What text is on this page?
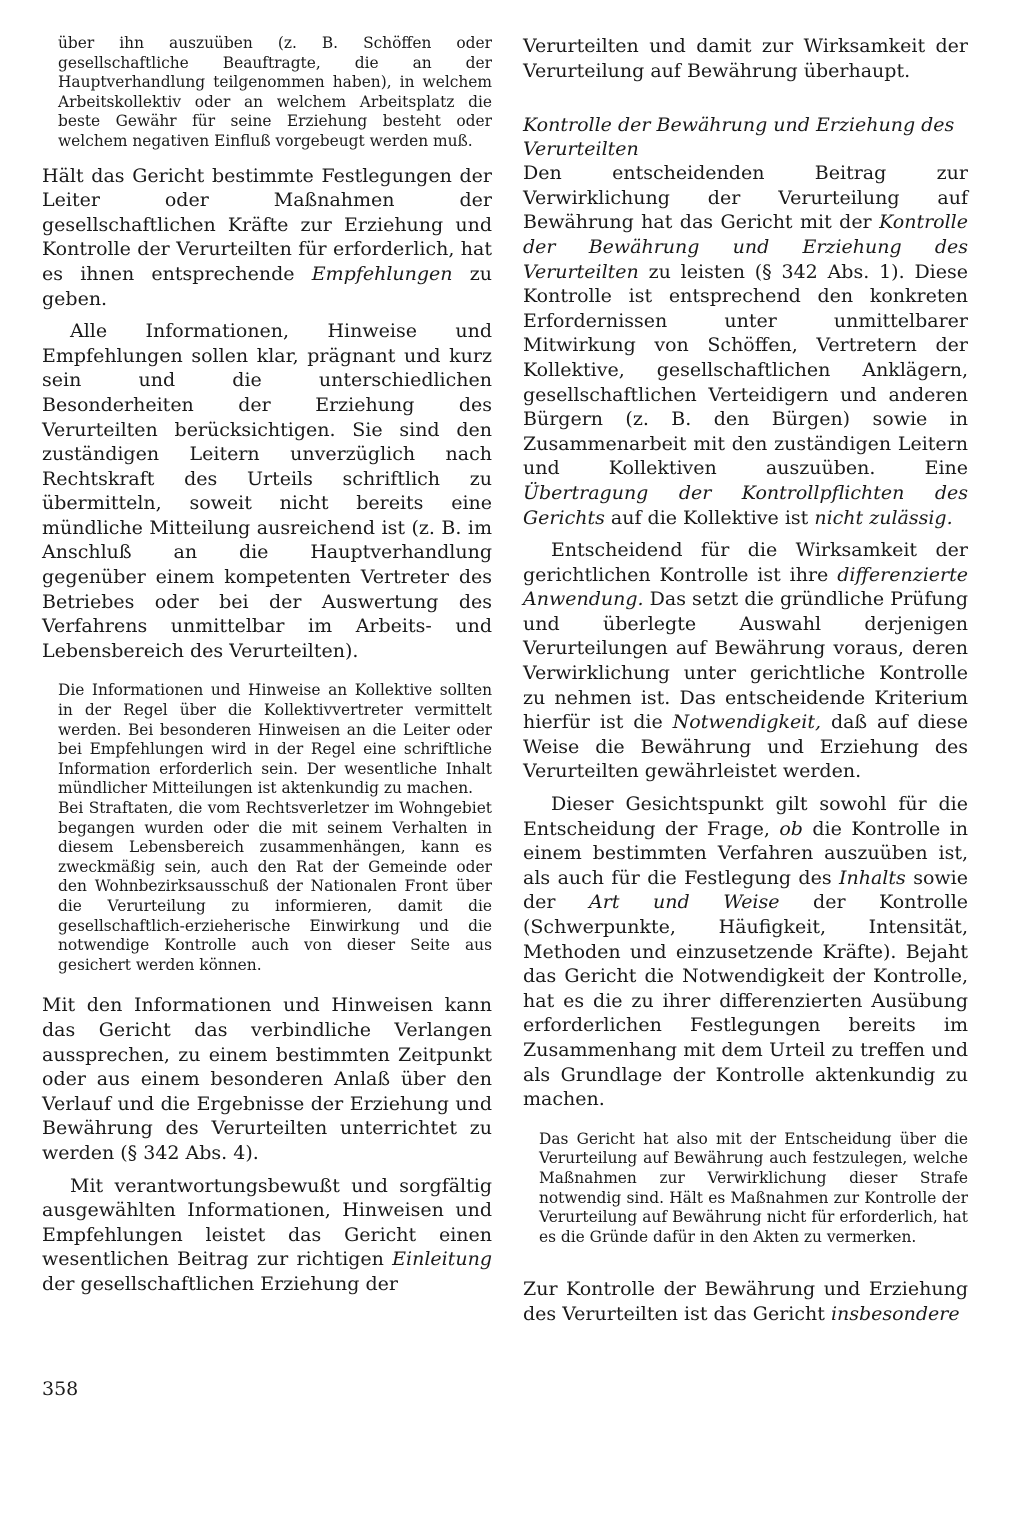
über ihn auszuüben (z. B. Schöffen oder gesellschaftliche Beauftragte, die an der Hauptverhandlung teilgenommen haben), in welchem Arbeitskollektiv oder an welchem Arbeitsplatz die beste Gewähr für seine Erziehung besteht oder welchem negativen Einfluß vorgebeugt werden muß.

Hält das Gericht bestimmte Festlegungen der Leiter oder Maßnahmen der gesellschaftlichen Kräfte zur Erziehung und Kontrolle der Verurteilten für erforderlich, hat es ihnen entsprechende Empfehlungen zu geben.

Alle Informationen, Hinweise und Empfehlungen sollen klar, prägnant und kurz sein und die unterschiedlichen Besonderheiten der Erziehung des Verurteilten berücksichtigen. Sie sind den zuständigen Leitern unverzüglich nach Rechtskraft des Urteils schriftlich zu übermitteln, soweit nicht bereits eine mündliche Mitteilung ausreichend ist (z. B. im Anschluß an die Hauptverhandlung gegenüber einem kompetenten Vertreter des Betriebes oder bei der Auswertung des Verfahrens unmittelbar im Arbeits- und Lebensbereich des Verurteilten).

Die Informationen und Hinweise an Kollektive sollten in der Regel über die Kollektivvertreter vermittelt werden. Bei besonderen Hinweisen an die Leiter oder bei Empfehlungen wird in der Regel eine schriftliche Information erforderlich sein. Der wesentliche Inhalt mündlicher Mitteilungen ist aktenkundig zu machen.

Bei Straftaten, die vom Rechtsverletzer im Wohngebiet begangen wurden oder die mit seinem Verhalten in diesem Lebensbereich zusammenhängen, kann es zweckmäßig sein, auch den Rat der Gemeinde oder den Wohnbezirksausschuß der Nationalen Front über die Verurteilung zu informieren, damit die gesellschaftlich-erzieherische Einwirkung und die notwendige Kontrolle auch von dieser Seite aus gesichert werden können.

Mit den Informationen und Hinweisen kann das Gericht das verbindliche Verlangen aussprechen, zu einem bestimmten Zeitpunkt oder aus einem besonderen Anlaß über den Verlauf und die Ergebnisse der Erziehung und Bewährung des Verurteilten unterrichtet zu werden (§ 342 Abs. 4).

Mit verantwortungsbewußt und sorgfältig ausgewählten Informationen, Hinweisen und Empfehlungen leistet das Gericht einen wesentlichen Beitrag zur richtigen Einleitung der gesellschaftlichen Erziehung der

Verurteilten und damit zur Wirksamkeit der Verurteilung auf Bewährung überhaupt.

Kontrolle der Bewährung und Erziehung des Verurteilten

Den entscheidenden Beitrag zur Verwirklichung der Verurteilung auf Bewährung hat das Gericht mit der Kontrolle der Bewährung und Erziehung des Verurteilten zu leisten (§ 342 Abs. 1). Diese Kontrolle ist entsprechend den konkreten Erfordernissen unter unmittelbarer Mitwirkung von Schöffen, Vertretern der Kollektive, gesellschaftlichen Anklägern, gesellschaftlichen Verteidigern und anderen Bürgern (z. B. den Bürgen) sowie in Zusammenarbeit mit den zuständigen Leitern und Kollektiven auszuüben. Eine Übertragung der Kontrollpflichten des Gerichts auf die Kollektive ist nicht zulässig.

Entscheidend für die Wirksamkeit der gerichtlichen Kontrolle ist ihre differenzierte Anwendung. Das setzt die gründliche Prüfung und überlegte Auswahl derjenigen Verurteilungen auf Bewährung voraus, deren Verwirklichung unter gerichtliche Kontrolle zu nehmen ist. Das entscheidende Kriterium hierfür ist die Notwendigkeit, daß auf diese Weise die Bewährung und Erziehung des Verurteilten gewährleistet werden.

Dieser Gesichtspunkt gilt sowohl für die Entscheidung der Frage, ob die Kontrolle in einem bestimmten Verfahren auszuüben ist, als auch für die Festlegung des Inhalts sowie der Art und Weise der Kontrolle (Schwerpunkte, Häufigkeit, Intensität, Methoden und einzusetzende Kräfte). Bejaht das Gericht die Notwendigkeit der Kontrolle, hat es die zu ihrer differenzierten Ausübung erforderlichen Festlegungen bereits im Zusammenhang mit dem Urteil zu treffen und als Grundlage der Kontrolle aktenkundig zu machen.

Das Gericht hat also mit der Entscheidung über die Verurteilung auf Bewährung auch festzulegen, welche Maßnahmen zur Verwirklichung dieser Strafe notwendig sind. Hält es Maßnahmen zur Kontrolle der Verurteilung auf Bewährung nicht für erforderlich, hat es die Gründe dafür in den Akten zu vermerken.

Zur Kontrolle der Bewährung und Erziehung des Verurteilten ist das Gericht insbesondere

358
